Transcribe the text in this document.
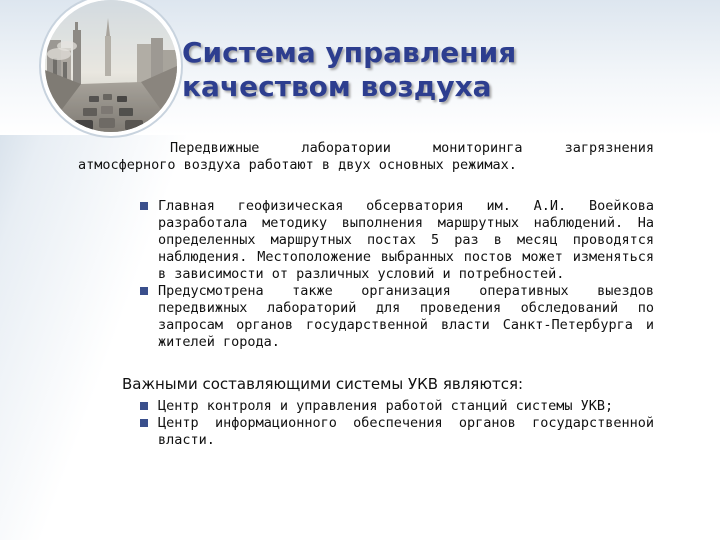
Система управления
качеством воздуха

Передвижные лаборатории мониторинга загрязнения атмосферного воздуха работают в двух основных режимах.

Главная геофизическая обсерватория им. А.И. Воейкова разработала методику выполнения маршрутных наблюдений. На определенных маршрутных постах 5 раз в месяц проводятся наблюдения. Местоположение выбранных постов может изменяться в зависимости от различных условий и потребностей.
Предусмотрена также организация оперативных выездов передвижных лабораторий для проведения обследований по запросам органов государственной власти Санкт-Петербурга и жителей города.
Важными составляющими системы УКВ являются:
Центр контроля и управления работой станций системы УКВ;
Центр информационного обеспечения органов государственной власти.
